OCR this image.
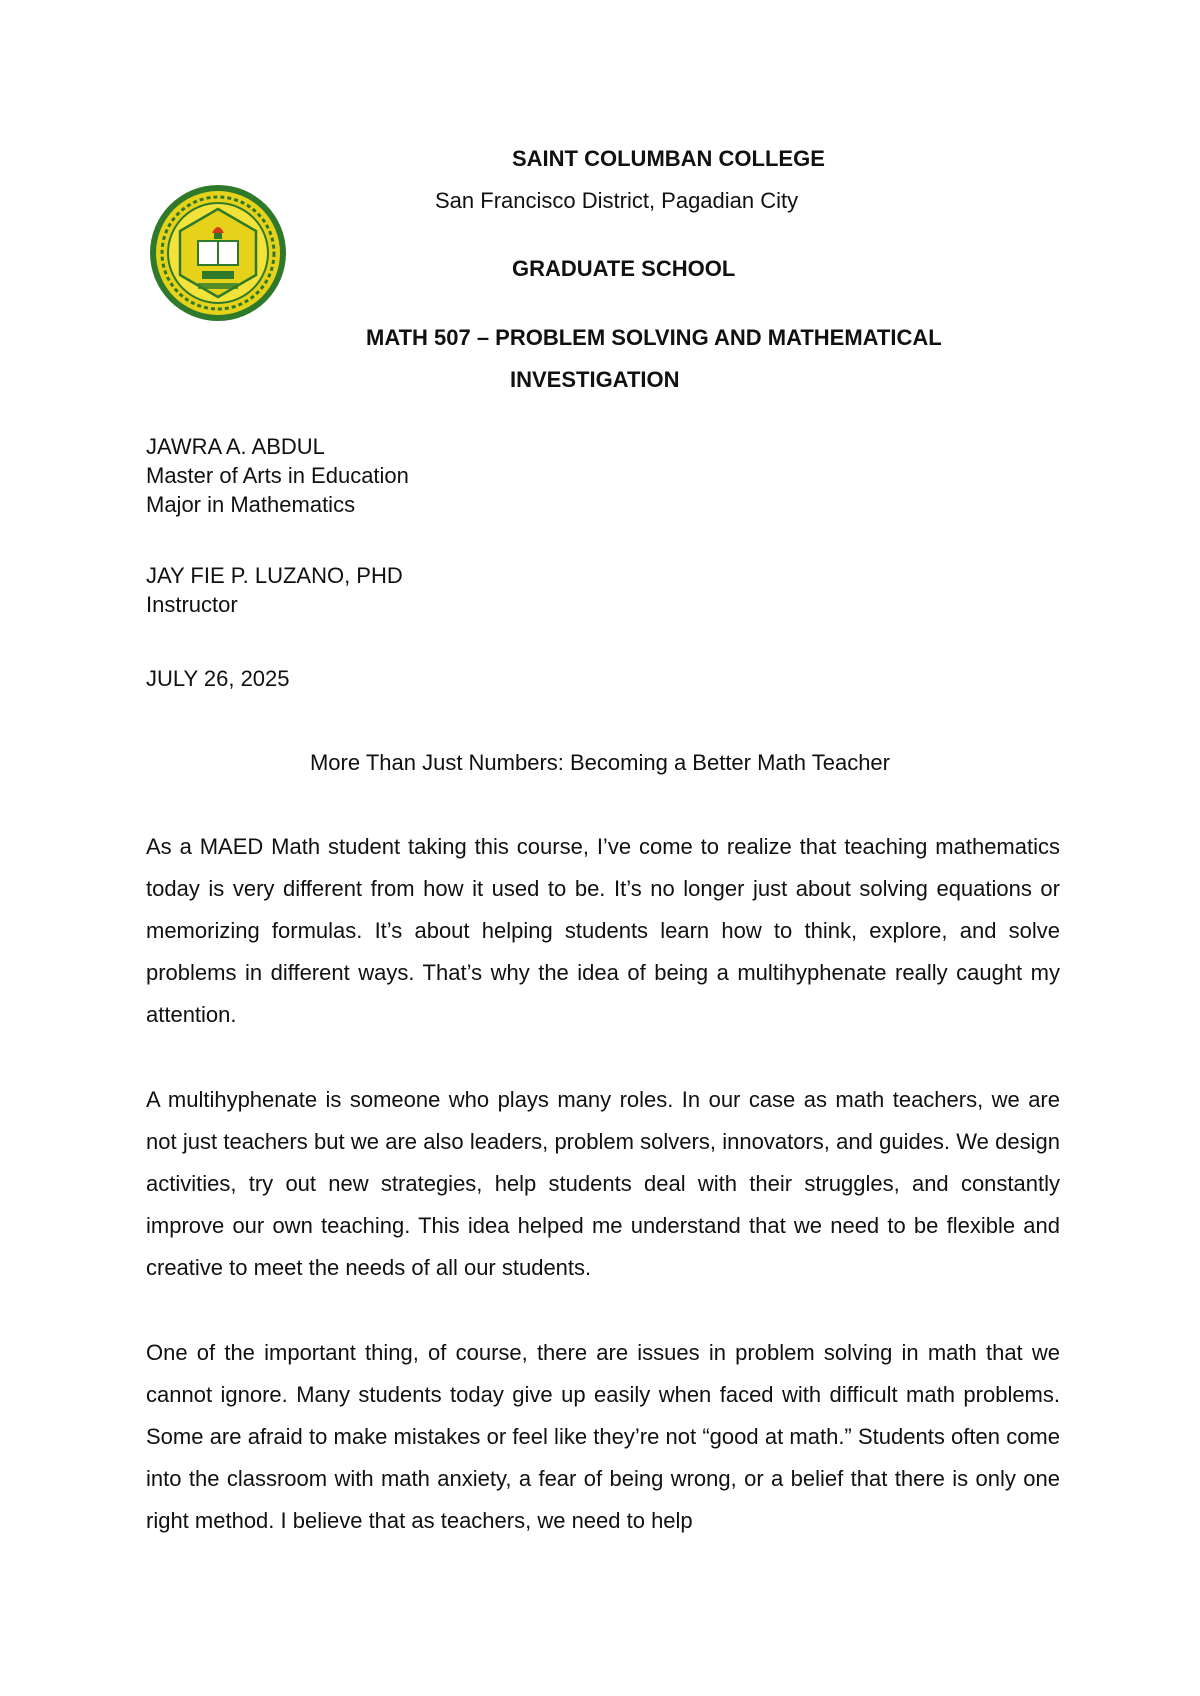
SAINT COLUMBAN COLLEGE
San Francisco District, Pagadian City
GRADUATE SCHOOL
MATH 507 – PROBLEM SOLVING AND MATHEMATICAL
INVESTIGATION
JAWRA A. ABDUL
Master of Arts in Education
Major in Mathematics
JAY FIE P. LUZANO, PHD
Instructor
JULY 26, 2025
More Than Just Numbers: Becoming a Better Math Teacher

As a MAED Math student taking this course, I’ve come to realize that teaching mathematics today is very different from how it used to be. It’s no longer just about solving equations or memorizing formulas. It’s about helping students learn how to think, explore, and solve problems in different ways. That’s why the idea of being a multihyphenate really caught my attention.

A multihyphenate is someone who plays many roles. In our case as math teachers, we are not just teachers but we are also leaders, problem solvers, innovators, and guides. We design activities, try out new strategies, help students deal with their struggles, and constantly improve our own teaching. This idea helped me understand that we need to be flexible and creative to meet the needs of all our students.

One of the important thing, of course, there are issues in problem solving in math that we cannot ignore. Many students today give up easily when faced with difficult math problems. Some are afraid to make mistakes or feel like they’re not “good at math.” Students often come into the classroom with math anxiety, a fear of being wrong, or a belief that there is only one right method. I believe that as teachers, we need to help
